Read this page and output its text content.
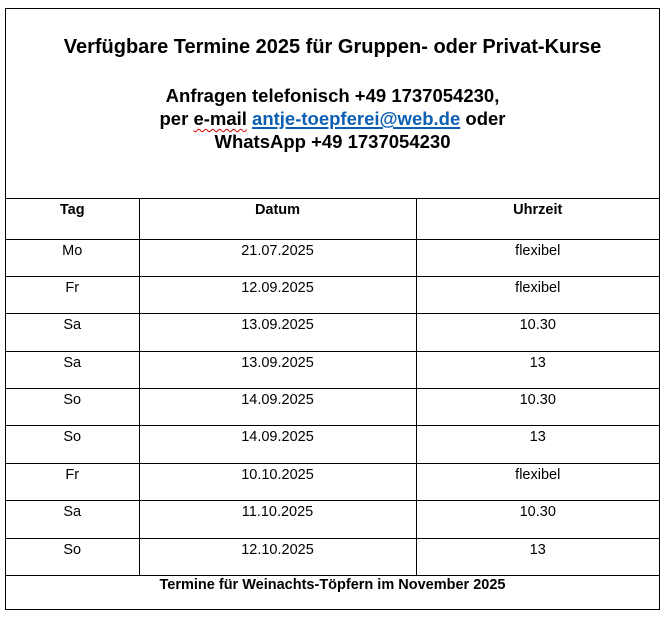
Verfügbare Termine 2025 für Gruppen- oder Privat-Kurse
Anfragen telefonisch +49 1737054230,
per e-mail antje-toepferei@web.de oder
WhatsApp +49 1737054230
Tag	Datum	Uhrzeit
Mo	21.07.2025	flexibel
Fr	12.09.2025	flexibel
Sa	13.09.2025	10.30
Sa	13.09.2025	13
So	14.09.2025	10.30
So	14.09.2025	13
Fr	10.10.2025	flexibel
Sa	11.10.2025	10.30
So	12.10.2025	13
Termine für Weinachts-Töpfern im November 2025
